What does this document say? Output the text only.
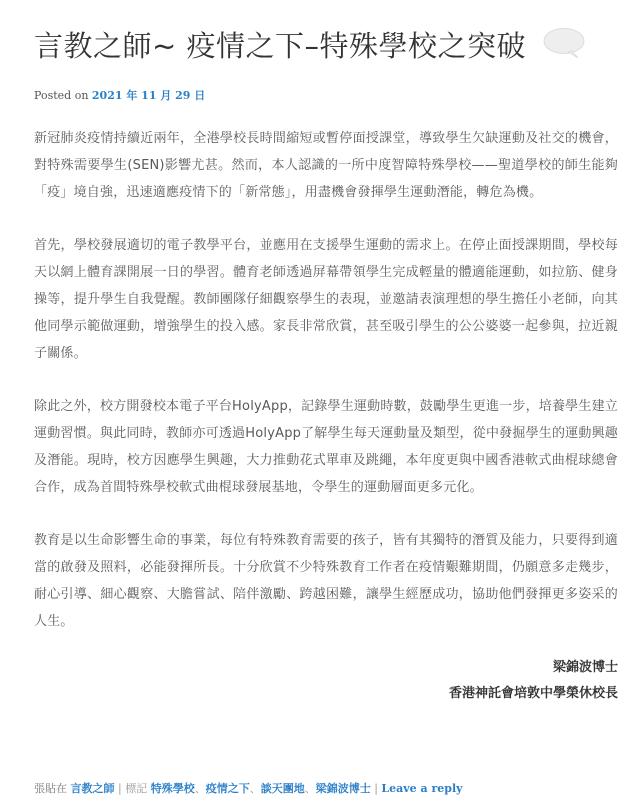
言教之師~ 疫情之下–特殊學校之突破
Posted on 2021 年 11 月 29 日

新冠肺炎疫情持續近兩年，全港學校長時間縮短或暫停面授課堂，導致學生欠缺運動及社交的機會，對特殊需要學生(SEN)影響尤甚。然而，本人認識的一所中度智障特殊學校——聖道學校的師生能夠「疫」境自強，迅速適應疫情下的「新常態」，用盡機會發揮學生運動潛能，轉危為機。

首先，學校發展適切的電子教學平台，並應用在支援學生運動的需求上。在停止面授課期間，學校每天以網上體育課開展一日的學習。體育老師透過屏幕帶領學生完成輕量的體適能運動，如拉筋、健身操等，提升學生自我覺醒。教師團隊仔細觀察學生的表現，並邀請表演理想的學生擔任小老師，向其他同學示範做運動，增強學生的投入感。家長非常欣賞，甚至吸引學生的公公婆婆一起參與，拉近親子關係。

除此之外，校方開發校本電子平台HolyApp，記錄學生運動時數，鼓勵學生更進一步，培養學生建立運動習慣。與此同時，教師亦可透過HolyApp了解學生每天運動量及類型，從中發掘學生的運動興趣及潛能。現時，校方因應學生興趣，大力推動花式單車及跳繩，本年度更與中國香港軟式曲棍球總會合作，成為首間特殊學校軟式曲棍球發展基地，令學生的運動層面更多元化。

教育是以生命影響生命的事業，每位有特殊教育需要的孩子，皆有其獨特的潛質及能力，只要得到適當的啟發及照料，必能發揮所長。十分欣賞不少特殊教育工作者在疫情艱難期間，仍願意多走幾步，耐心引導、細心觀察、大膽嘗試、陪伴激勵、跨越困難，讓學生經歷成功，協助他們發揮更多姿采的人生。

梁錦波博士
香港神託會培敦中學榮休校長
張貼在 言教之師 | 標記 特殊學校、疫情之下、談天團地、梁錦波博士 | Leave a reply
